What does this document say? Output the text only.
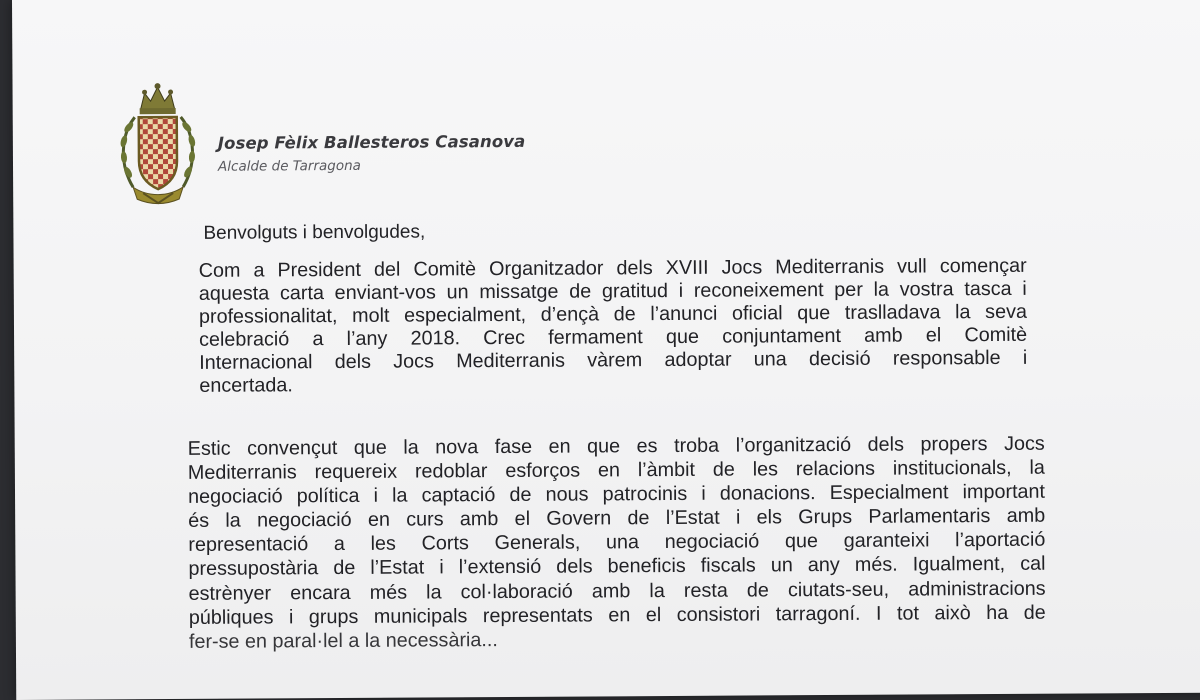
Josep Fèlix Ballesteros Casanova
Alcalde de Tarragona
Benvolguts i benvolgudes,
Com a President del Comitè Organitzador dels XVIII Jocs Mediterranis vull començar
aquesta carta enviant-vos un missatge de gratitud i reconeixement per la vostra tasca i
professionalitat, molt especialment, d’ençà de l’anunci oficial que traslladava la seva
celebració a l’any 2018. Crec fermament que conjuntament amb el Comitè
Internacional dels Jocs Mediterranis vàrem adoptar una decisió responsable i
encertada.
Estic convençut que la nova fase en que es troba l’organització dels propers Jocs
Mediterranis requereix redoblar esforços en l’àmbit de les relacions institucionals, la
negociació política i la captació de nous patrocinis i donacions. Especialment important
és la negociació en curs amb el Govern de l’Estat i els Grups Parlamentaris amb
representació a les Corts Generals, una negociació que garanteixi l’aportació
pressupostària de l’Estat i l’extensió dels beneficis fiscals un any més. Igualment, cal
estrènyer encara més la col·laboració amb la resta de ciutats-seu, administracions
públiques i grups municipals representats en el consistori tarragoní. I tot això ha de
fer-se en paral·lel a la necessària...
